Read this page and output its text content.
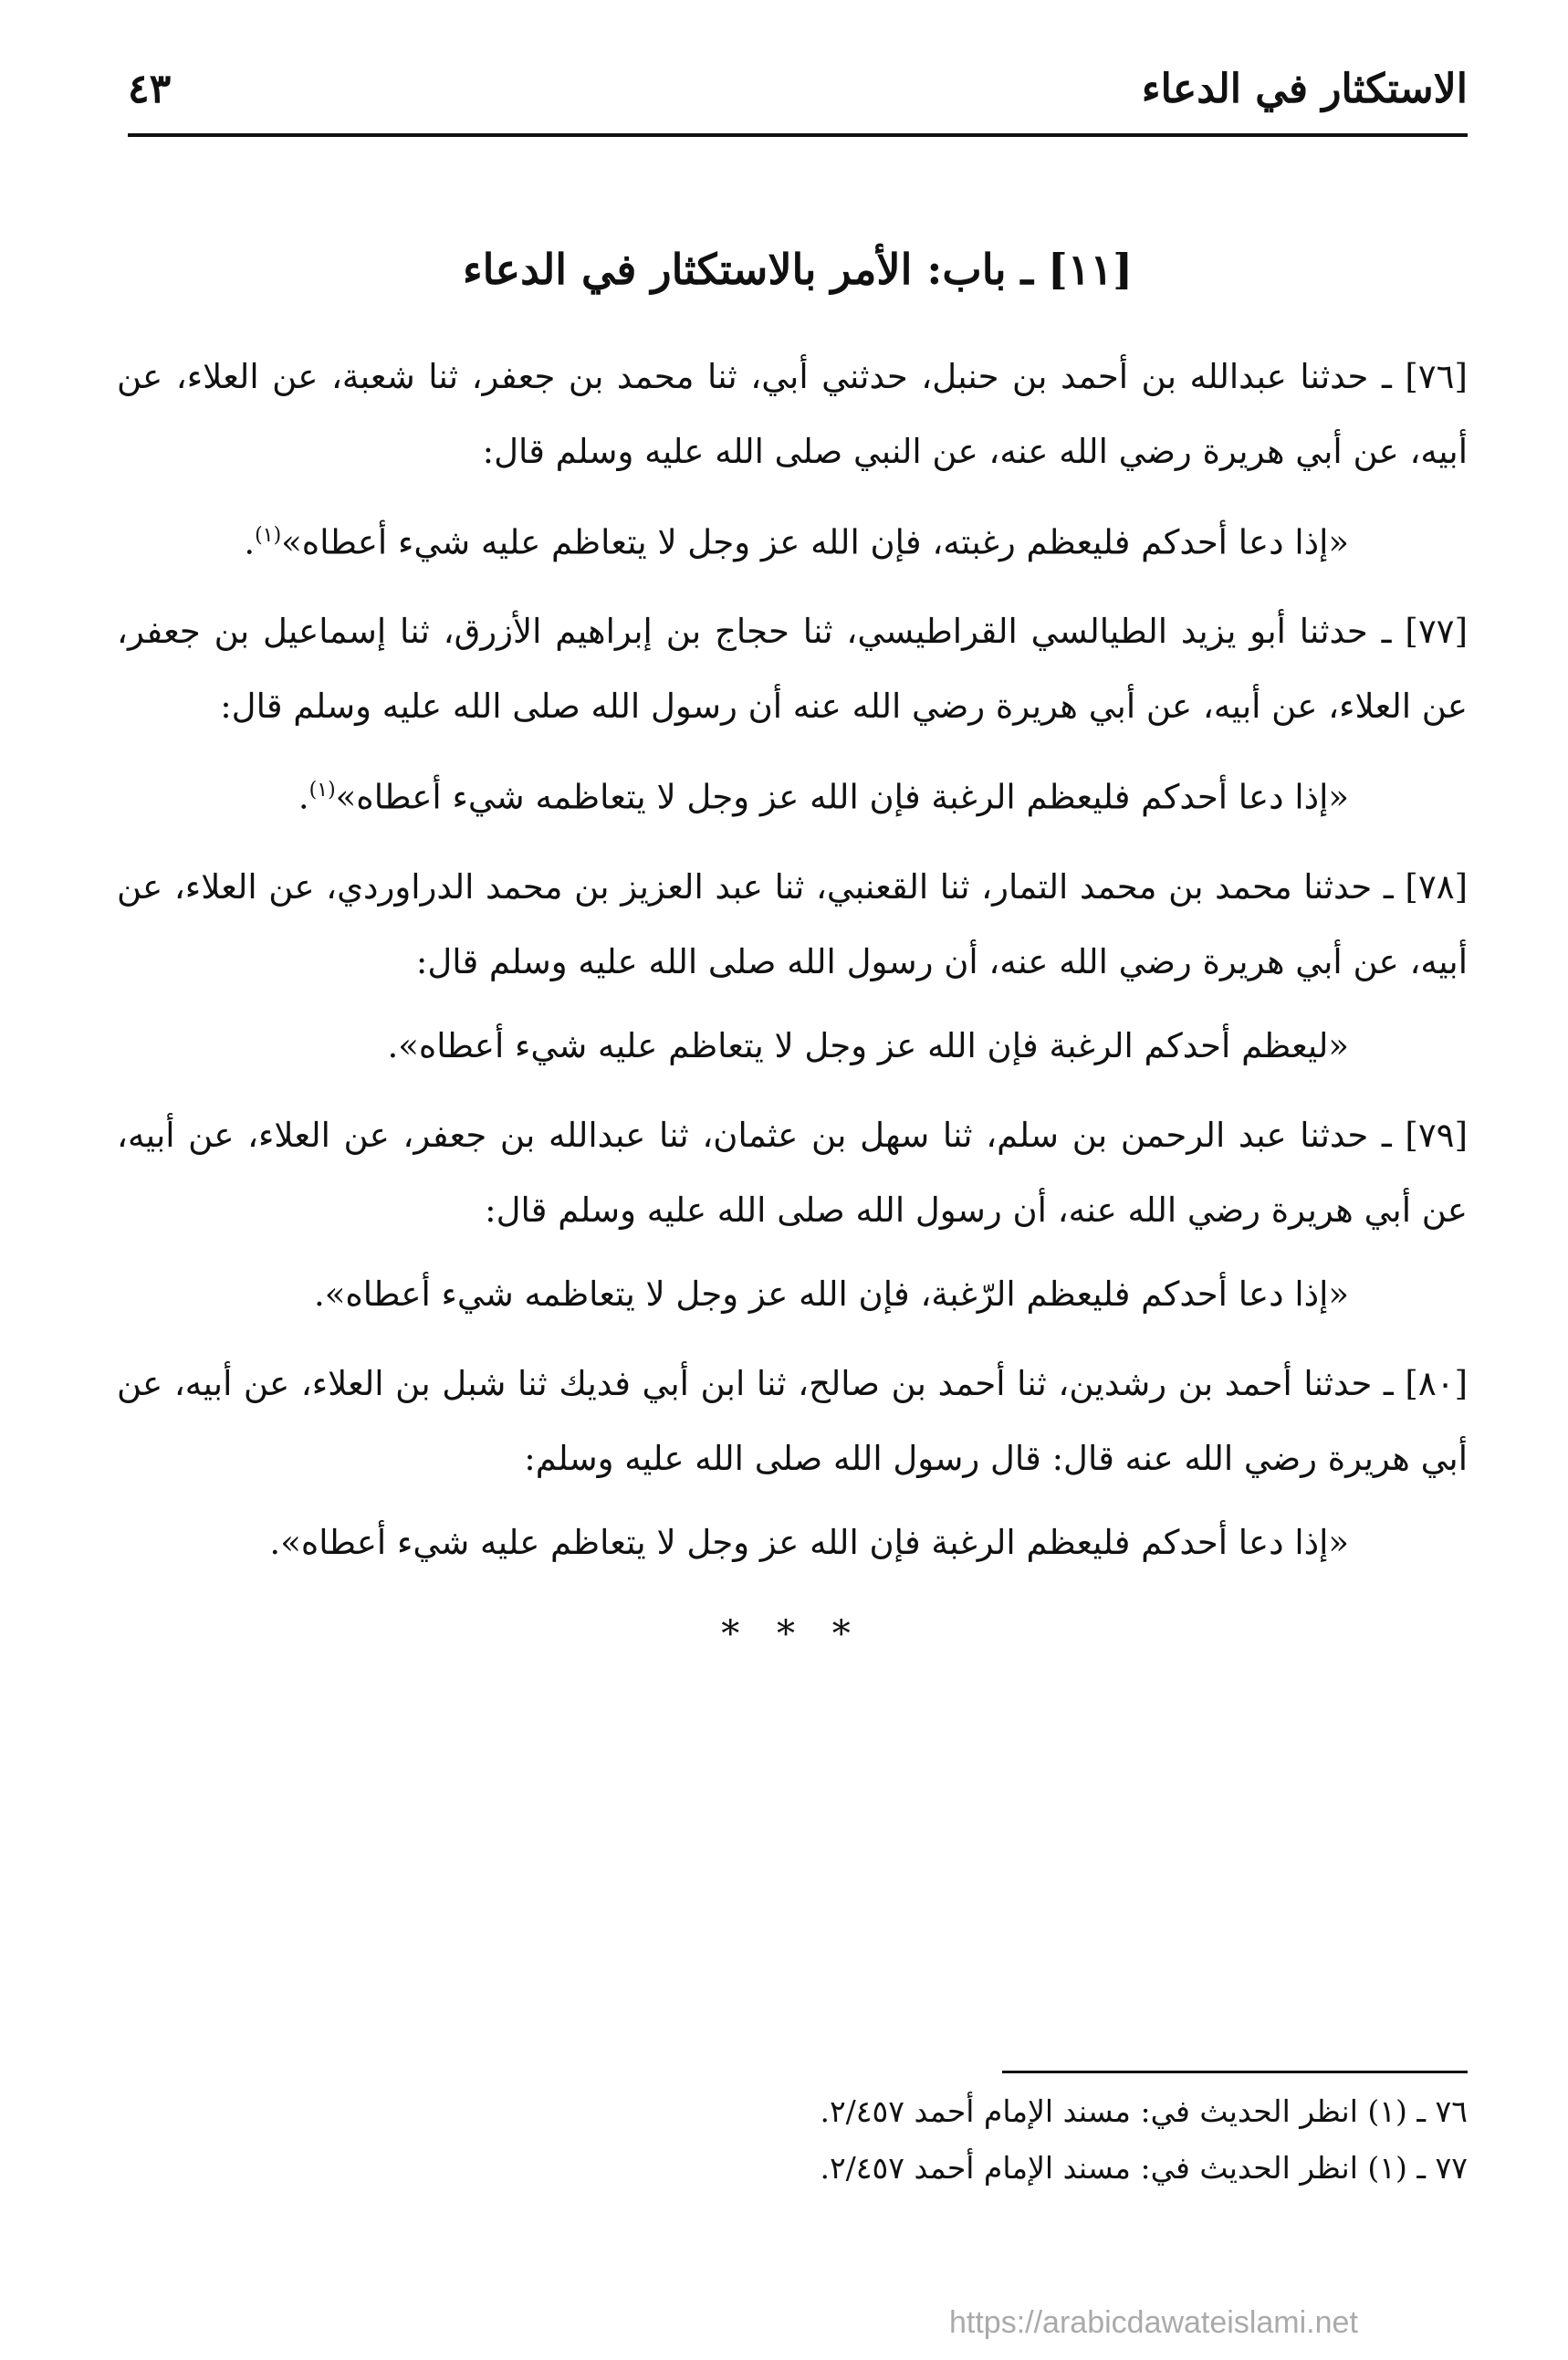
الاستكثار في الدعاء
٤٣
[١١] ـ باب: الأمر بالاستكثار في الدعاء

[٧٦] ـ حدثنا عبدالله بن أحمد بن حنبل، حدثني أبي، ثنا محمد بن جعفر، ثنا شعبة، عن العلاء، عن أبيه، عن أبي هريرة رضي الله عنه، عن النبي صلى الله عليه وسلم قال:

«إذا دعا أحدكم فليعظم رغبته، فإن الله عز وجل لا يتعاظم عليه شيء أعطاه»$^{(١)}$.

[٧٧] ـ حدثنا أبو يزيد الطيالسي القراطيسي، ثنا حجاج بن إبراهيم الأزرق، ثنا إسماعيل بن جعفر، عن العلاء، عن أبيه، عن أبي هريرة رضي الله عنه أن رسول الله صلى الله عليه وسلم قال:

«إذا دعا أحدكم فليعظم الرغبة فإن الله عز وجل لا يتعاظمه شيء أعطاه»$^{(١)}$.

[٧٨] ـ حدثنا محمد بن محمد التمار، ثنا القعنبي، ثنا عبد العزيز بن محمد الدراوردي، عن العلاء، عن أبيه، عن أبي هريرة رضي الله عنه، أن رسول الله صلى الله عليه وسلم قال:

«ليعظم أحدكم الرغبة فإن الله عز وجل لا يتعاظم عليه شيء أعطاه».

[٧٩] ـ حدثنا عبد الرحمن بن سلم، ثنا سهل بن عثمان، ثنا عبدالله بن جعفر، عن العلاء، عن أبيه، عن أبي هريرة رضي الله عنه، أن رسول الله صلى الله عليه وسلم قال:

«إذا دعا أحدكم فليعظم الرّغبة، فإن الله عز وجل لا يتعاظمه شيء أعطاه».

[٨٠] ـ حدثنا أحمد بن رشدين، ثنا أحمد بن صالح، ثنا ابن أبي فديك ثنا شبل بن العلاء، عن أبيه، عن أبي هريرة رضي الله عنه قال: قال رسول الله صلى الله عليه وسلم:

«إذا دعا أحدكم فليعظم الرغبة فإن الله عز وجل لا يتعاظم عليه شيء أعطاه».

* * *
٧٦ ـ (١) انظر الحديث في: مسند الإمام أحمد ٢/٤٥٧.
٧٧ ـ (١) انظر الحديث في: مسند الإمام أحمد ٢/٤٥٧.
https://arabicdawateislami.net
